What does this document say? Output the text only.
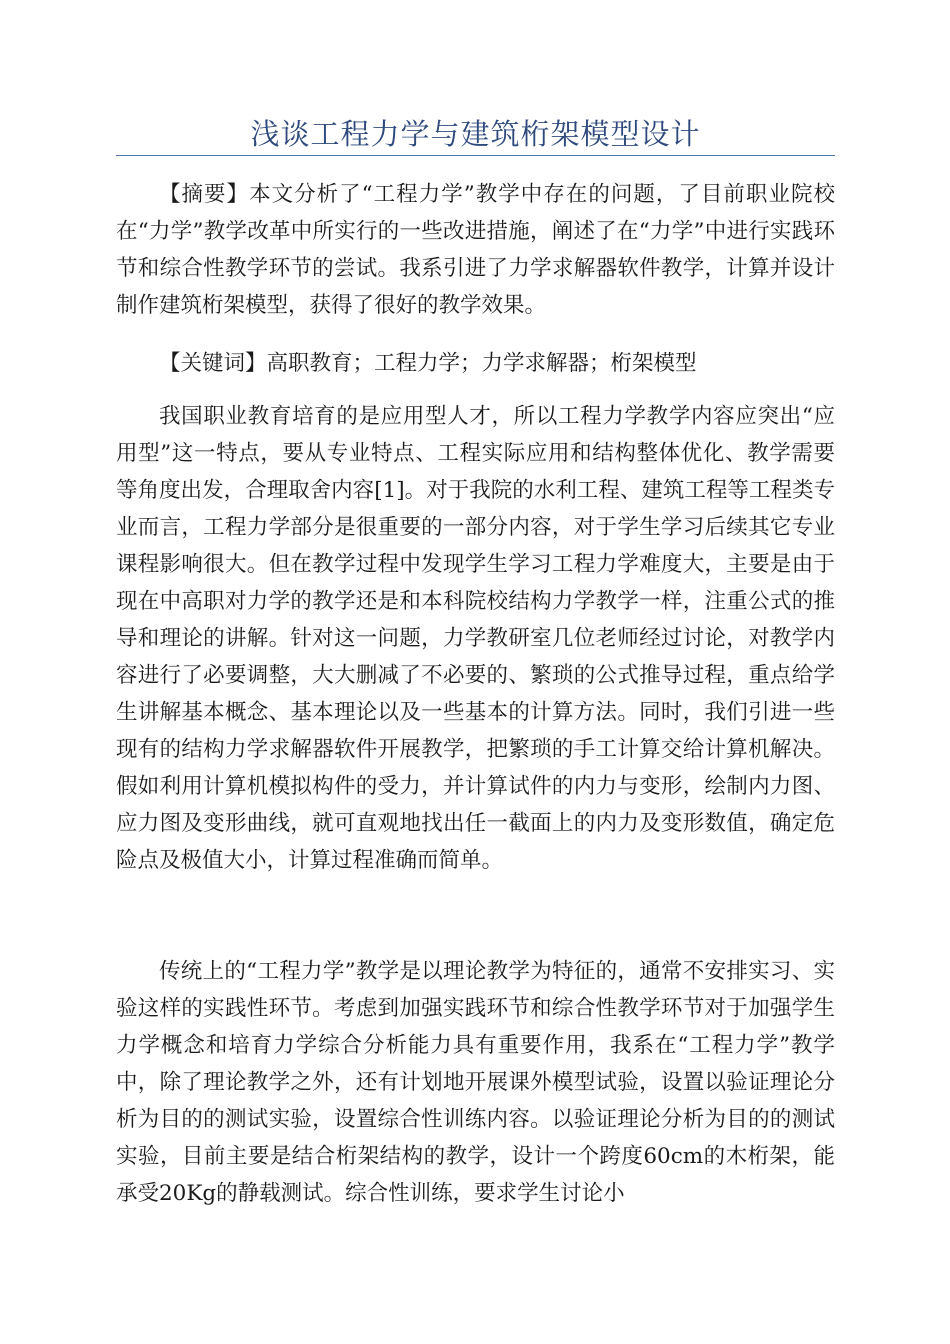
浅谈工程力学与建筑桁架模型设计

【摘要】本文分析了“工程力学”教学中存在的问题，了目前职业院校在“力学”教学改革中所实行的一些改进措施，阐述了在“力学”中进行实践环节和综合性教学环节的尝试。我系引进了力学求解器软件教学，计算并设计制作建筑桁架模型，获得了很好的教学效果。

【关键词】高职教育；工程力学；力学求解器；桁架模型

我国职业教育培育的是应用型人才，所以工程力学教学内容应突出“应用型”这一特点，要从专业特点、工程实际应用和结构整体优化、教学需要等角度出发，合理取舍内容[1]。对于我院的水利工程、建筑工程等工程类专业而言，工程力学部分是很重要的一部分内容，对于学生学习后续其它专业课程影响很大。但在教学过程中发现学生学习工程力学难度大，主要是由于现在中高职对力学的教学还是和本科院校结构力学教学一样，注重公式的推导和理论的讲解。针对这一问题，力学教研室几位老师经过讨论，对教学内容进行了必要调整，大大删减了不必要的、繁琐的公式推导过程，重点给学生讲解基本概念、基本理论以及一些基本的计算方法。同时，我们引进一些现有的结构力学求解器软件开展教学，把繁琐的手工计算交给计算机解决。假如利用计算机模拟构件的受力，并计算试件的内力与变形，绘制内力图、应力图及变形曲线，就可直观地找出任一截面上的内力及变形数值，确定危险点及极值大小，计算过程准确而简单。

传统上的“工程力学”教学是以理论教学为特征的，通常不安排实习、实验这样的实践性环节。考虑到加强实践环节和综合性教学环节对于加强学生力学概念和培育力学综合分析能力具有重要作用，我系在“工程力学”教学中，除了理论教学之外，还有计划地开展课外模型试验，设置以验证理论分析为目的的测试实验，设置综合性训练内容。以验证理论分析为目的的测试实验，目前主要是结合桁架结构的教学，设计一个跨度60cm的木桁架，能承受20Kg的静载测试。综合性训练，要求学生讨论小
